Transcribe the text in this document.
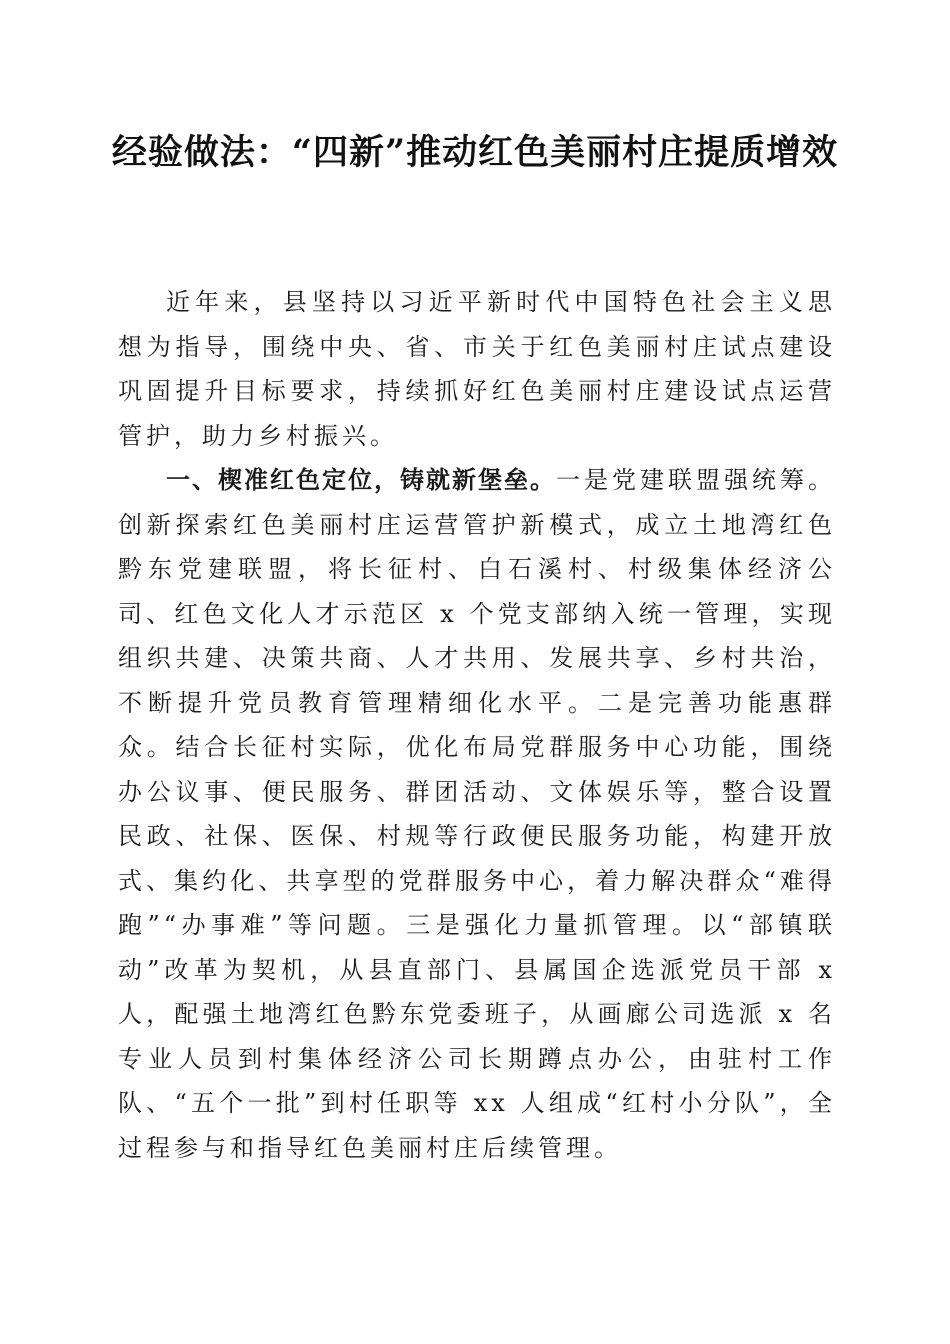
经验做法：“四新”推动红色美丽村庄提质增效

近年来，县坚持以习近平新时代中国特色社会主义思想为指导，围绕中央、省、市关于红色美丽村庄试点建设巩固提升目标要求，持续抓好红色美丽村庄建设试点运营管护，助力乡村振兴。

一、楔准红色定位，铸就新堡垒。一是党建联盟强统筹。创新探索红色美丽村庄运营管护新模式，成立土地湾红色黔东党建联盟，将长征村、白石溪村、村级集体经济公司、红色文化人才示范区 x 个党支部纳入统一管理，实现组织共建、决策共商、人才共用、发展共享、乡村共治，不断提升党员教育管理精细化水平。二是完善功能惠群众。结合长征村实际，优化布局党群服务中心功能，围绕办公议事、便民服务、群团活动、文体娱乐等，整合设置民政、社保、医保、村规等行政便民服务功能，构建开放式、集约化、共享型的党群服务中心，着力解决群众“难得跑”“办事难”等问题。三是强化力量抓管理。以“部镇联动”改革为契机，从县直部门、县属国企选派党员干部 x 人，配强土地湾红色黔东党委班子，从画廊公司选派 x 名专业人员到村集体经济公司长期蹲点办公，由驻村工作队、“五个一批”到村任职等 xx 人组成“红村小分队”，全过程参与和指导红色美丽村庄后续管理。
